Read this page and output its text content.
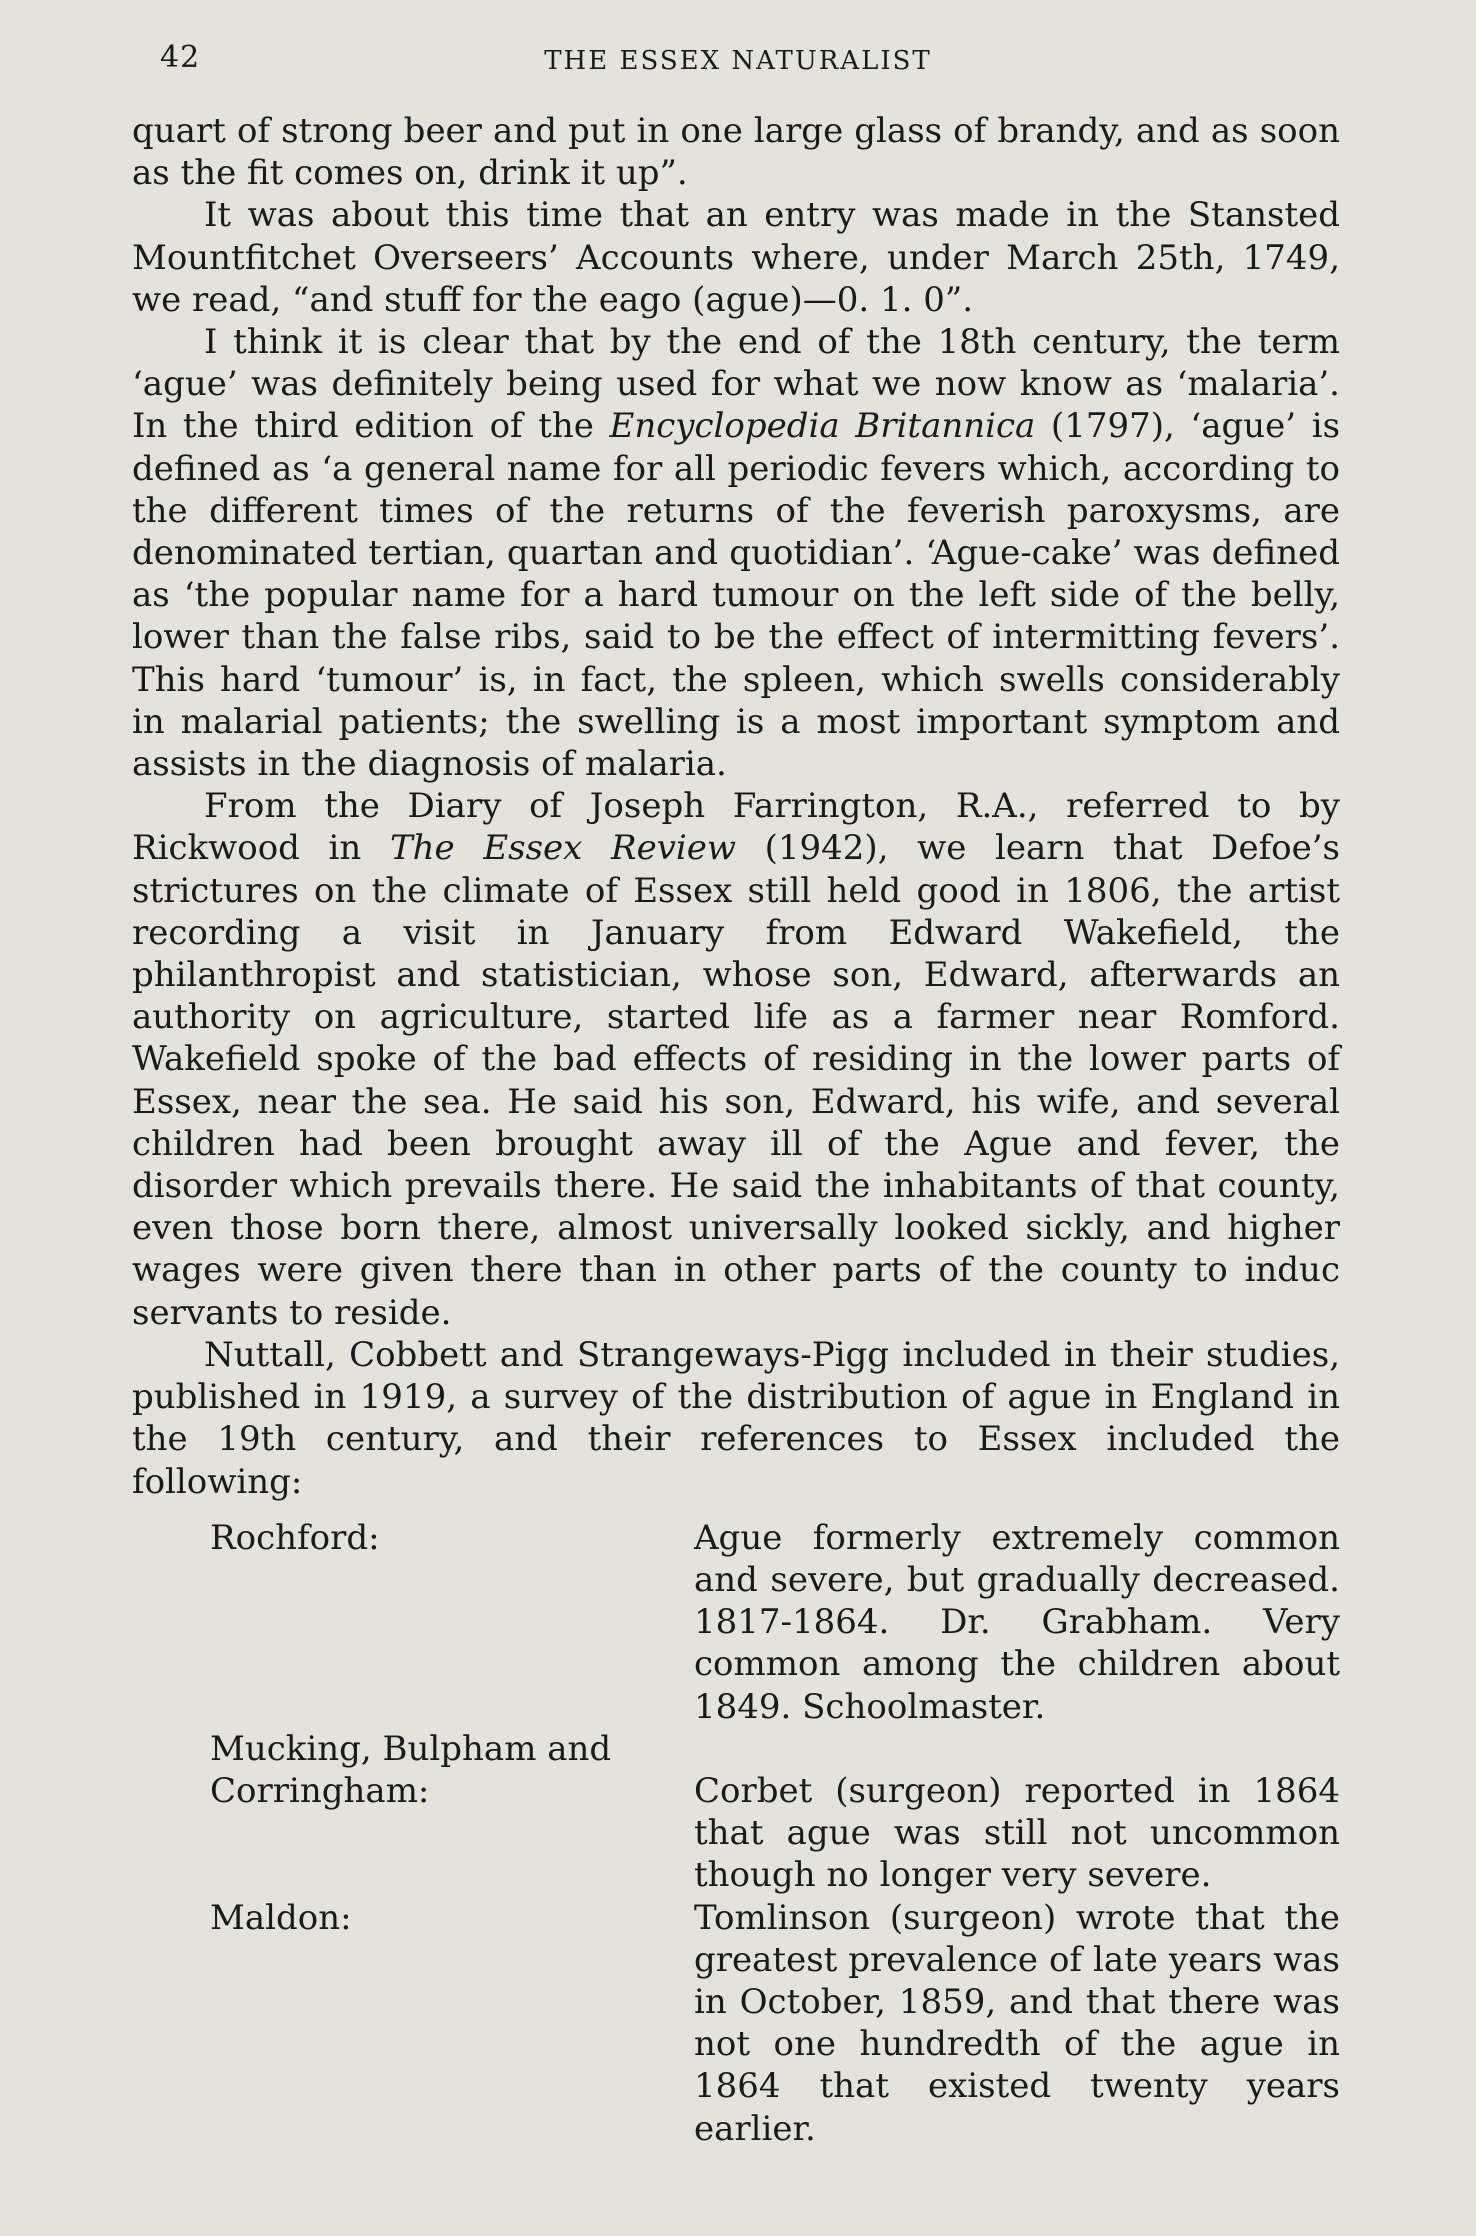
42	THE ESSEX NATURALIST

quart of strong beer and put in one large glass of brandy, and as soon as the fit comes on, drink it up”.

It was about this time that an entry was made in the Stansted Mountfitchet Overseers’ Accounts where, under March 25th, 1749, we read, “and stuff for the eago (ague)—0. 1. 0”.

I think it is clear that by the end of the 18th century, the term ‘ague’ was definitely being used for what we now know as ‘malaria’. In the third edition of the Encyclopedia Britannica (1797), ‘ague’ is defined as ‘a general name for all periodic fevers which, according to the different times of the returns of the feverish paroxysms, are denominated tertian, quartan and quotidian’. ‘Ague-cake’ was defined as ‘the popular name for a hard tumour on the left side of the belly, lower than the false ribs, said to be the effect of intermitting fevers’. This hard ‘tumour’ is, in fact, the spleen, which swells considerably in malarial patients; the swelling is a most important symptom and assists in the diagnosis of malaria.

From the Diary of Joseph Farrington, R.A., referred to by Rickwood in The Essex Review (1942), we learn that Defoe’s strictures on the climate of Essex still held good in 1806, the artist recording a visit in January from Edward Wakefield, the philanthropist and statistician, whose son, Edward, afterwards an authority on agriculture, started life as a farmer near Romford. Wakefield spoke of the bad effects of residing in the lower parts of Essex, near the sea. He said his son, Edward, his wife, and several children had been brought away ill of the Ague and fever, the disorder which prevails there. He said the inhabitants of that county, even those born there, almost universally looked sickly, and higher wages were given there than in other parts of the county to induc servants to reside.

Nuttall, Cobbett and Strangeways-Pigg included in their studies, published in 1919, a survey of the distribution of ague in England in the 19th century, and their references to Essex included the following:

Rochford:	Ague formerly extremely common and severe, but gradually decreased. 1817-1864. Dr. Grabham. Very common among the children about 1849. Schoolmaster.
Mucking, Bulpham and
Corringham:	Corbet (surgeon) reported in 1864 that ague was still not uncommon though no longer very severe.
Maldon:	Tomlinson (surgeon) wrote that the greatest prevalence of late years was in October, 1859, and that there was not one hundredth of the ague in 1864 that existed twenty years earlier.
